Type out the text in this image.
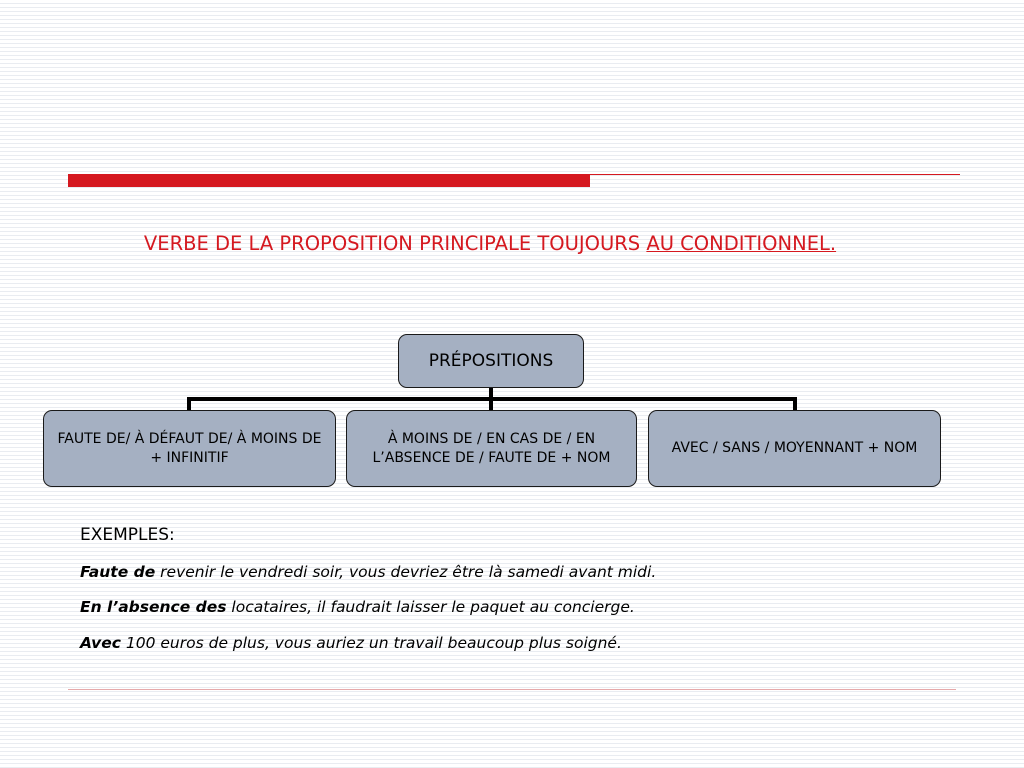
VERBE DE LA PROPOSITION PRINCIPALE TOUJOURS AU CONDITIONNEL.
PRÉPOSITIONS
FAUTE DE/ À DÉFAUT DE/ À MOINS DE + INFINITIF
À MOINS DE / EN CAS DE / EN L’ABSENCE DE / FAUTE DE + NOM
AVEC / SANS / MOYENNANT + NOM
EXEMPLES:
Faute de revenir le vendredi soir, vous devriez être là samedi avant midi.
En l’absence des locataires, il faudrait laisser le paquet au concierge.
Avec 100 euros de plus, vous auriez un travail beaucoup plus soigné.
